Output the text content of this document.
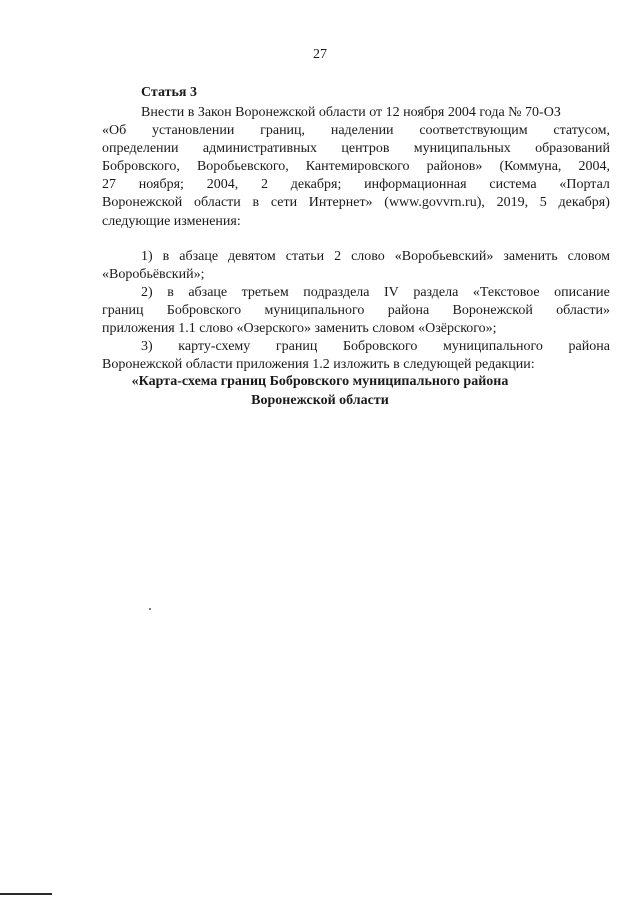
27
Статья 3
Внести в Закон Воронежской области от 12 ноября 2004 года № 70-ОЗ
«Об установлении границ, наделении соответствующим статусом,
определении административных центров муниципальных образований
Бобровского, Воробьевского, Кантемировского районов» (Коммуна, 2004,
27 ноября; 2004, 2 декабря; информационная система «Портал
Воронежской области в сети Интернет» (www.govvrn.ru), 2019, 5 декабря)
следующие изменения:
1) в абзаце девятом статьи 2 слово «Воробьевский» заменить словом
«Воробьёвский»;
2) в абзаце третьем подраздела IV раздела «Текстовое описание
границ Бобровского муниципального района Воронежской области»
приложения 1.1 слово «Озерского» заменить словом «Озёрского»;
3) карту-схему границ Бобровского муниципального района
Воронежской области приложения 1.2 изложить в следующей редакции:
«Карта-схема границ Бобровского муниципального района
Воронежской области
